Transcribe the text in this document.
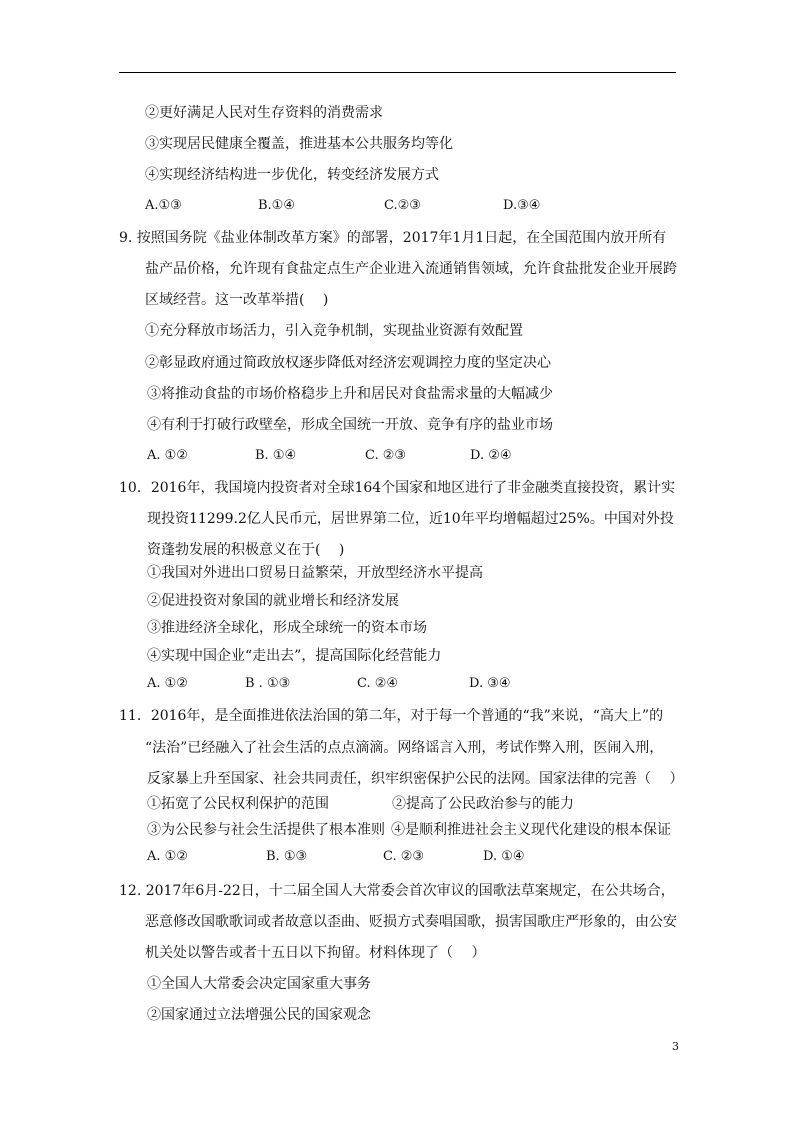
②更好满足人民对生存资料的消费需求
③实现居民健康全覆盖，推进基本公共服务均等化
④实现经济结构进一步优化，转变经济发展方式
A.①③	B.①④	C.②③	D.③④
9. 按照国务院《盐业体制改革方案》的部署，2017年1月1日起，在全国范围内放开所有
盐产品价格，允许现有食盐定点生产企业进入流通销售领域，允许食盐批发企业开展跨
区域经营。这一改革举措(　 )
①充分释放市场活力，引入竞争机制，实现盐业资源有效配置
②彰显政府通过简政放权逐步降低对经济宏观调控力度的坚定决心
③将推动食盐的市场价格稳步上升和居民对食盐需求量的大幅减少
④有利于打破行政壁垒，形成全国统一开放、竞争有序的盐业市场
A. ①②	B. ①④	C. ②③	D. ②④
10．2016年，我国境内投资者对全球164个国家和地区进行了非金融类直接投资，累计实
现投资11299.2亿人民币元，居世界第二位，近10年平均增幅超过25%。中国对外投
资蓬勃发展的积极意义在于(　 )
①我国对外进出口贸易日益繁荣，开放型经济水平提高
②促进投资对象国的就业增长和经济发展
③推进经济全球化，形成全球统一的资本市场
④实现中国企业“走出去”，提高国际化经营能力
A. ①②	B . ①③	C. ②④	D. ③④
11．2016年，是全面推进依法治国的第二年，对于每一个普通的“我”来说，“高大上”的
“法治”已经融入了社会生活的点点滴滴。网络谣言入刑，考试作弊入刑，医闹入刑，
反家暴上升至国家、社会共同责任，织牢织密保护公民的法网。国家法律的完善（　 ）
①拓宽了公民权利保护的范围	②提高了公民政治参与的能力
③为公民参与社会生活提供了根本准则 ④是顺利推进社会主义现代化建设的根本保证
A. ①②	B. ①③	C. ②③	D. ①④
12. 2017年6月-22日，十二届全国人大常委会首次审议的国歌法草案规定，在公共场合，
恶意修改国歌歌词或者故意以歪曲、贬损方式奏唱国歌，损害国歌庄严形象的，由公安
机关处以警告或者十五日以下拘留。材料体现了（　 ）
①全国人大常委会决定国家重大事务
②国家通过立法增强公民的国家观念
3
